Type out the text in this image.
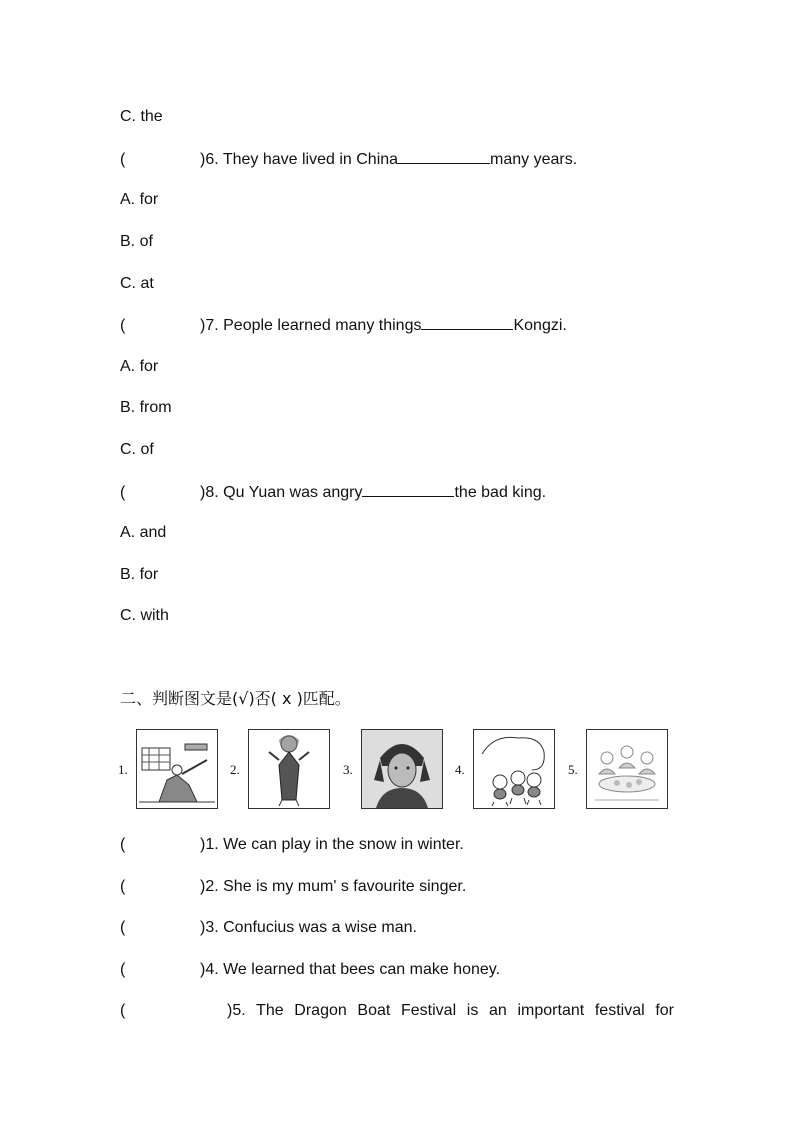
C. the
(	)6. They have lived in China	many years.
A. for
B. of
C. at
(	)7. People learned many things	Kongzi.
A. for
B. from
C. of
(	)8. Qu Yuan was angry	the bad king.
A. and
B. for
C. with
二、判断图文是(√)否( x )匹配。
1.	2.	3.	4.	5.
(	)1. We can play in the snow in winter.
(	)2. She is my mum' s favourite singer.
(	)3. Confucius was a wise man.
(	)4. We learned that bees can make honey.
(	)5. The Dragon Boat Festival is an important festival for
